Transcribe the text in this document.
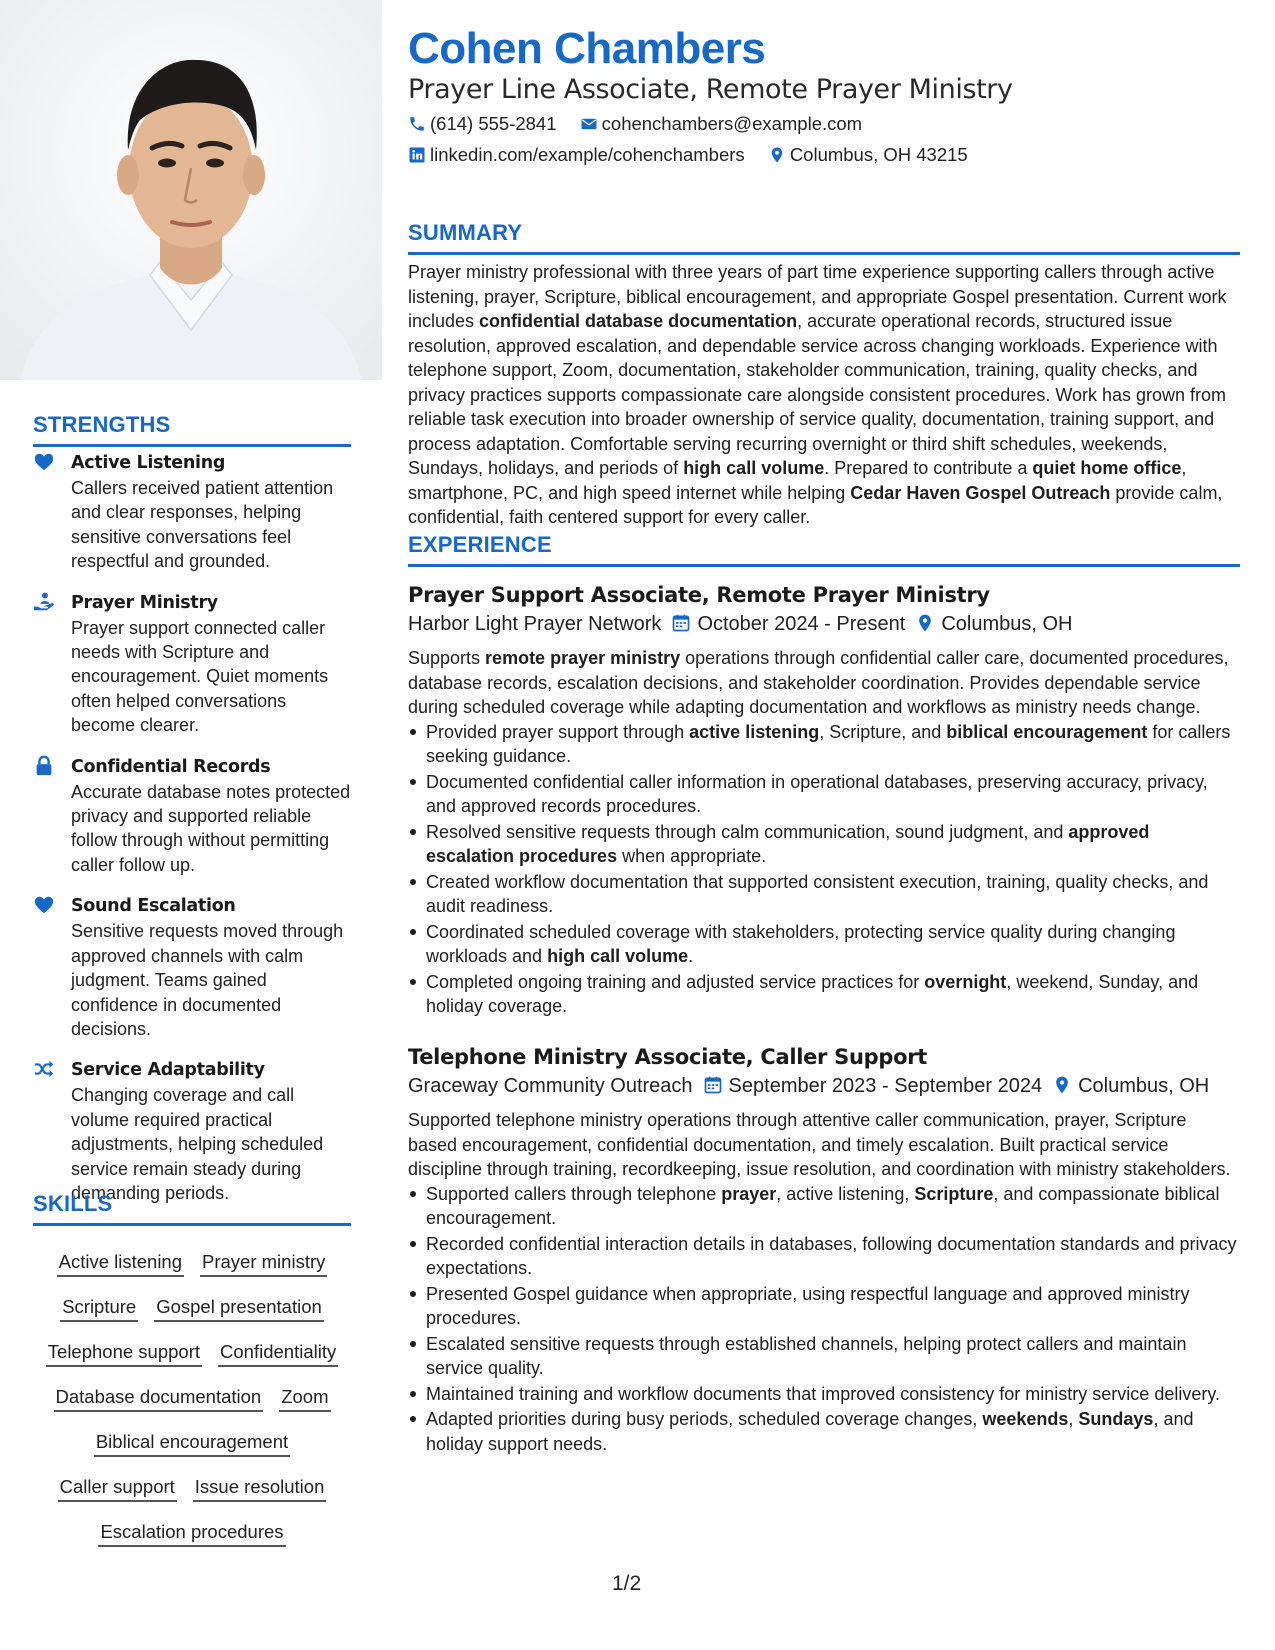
STRENGTHS
Active Listening
Callers received patient attention and clear responses, helping sensitive conversations feel respectful and grounded.
Prayer Ministry
Prayer support connected caller needs with Scripture and encouragement. Quiet moments often helped conversations become clearer.
Confidential Records
Accurate database notes protected privacy and supported reliable follow through without permitting caller follow up.
Sound Escalation
Sensitive requests moved through approved channels with calm judgment. Teams gained confidence in documented decisions.
Service Adaptability
Changing coverage and call volume required practical adjustments, helping scheduled service remain steady during demanding periods.
SKILLS
Active listening Prayer ministry
Scripture Gospel presentation
Telephone support Confidentiality
Database documentation Zoom
Biblical encouragement
Caller support Issue resolution
Escalation procedures
Cohen Chambers
Prayer Line Associate, Remote Prayer Ministry
(614) 555-2841 cohenchambers@example.com
linkedin.com/example/cohenchambers Columbus, OH 43215
SUMMARY

Prayer ministry professional with three years of part time experience supporting callers through active listening, prayer, Scripture, biblical encouragement, and appropriate Gospel presentation. Current work includes confidential database documentation, accurate operational records, structured issue resolution, approved escalation, and dependable service across changing workloads. Experience with telephone support, Zoom, documentation, stakeholder communication, training, quality checks, and privacy practices supports compassionate care alongside consistent procedures. Work has grown from reliable task execution into broader ownership of service quality, documentation, training support, and process adaptation. Comfortable serving recurring overnight or third shift schedules, weekends, Sundays, holidays, and periods of high call volume. Prepared to contribute a quiet home office, smartphone, PC, and high speed internet while helping Cedar Haven Gospel Outreach provide calm, confidential, faith centered support for every caller.

EXPERIENCE
Prayer Support Associate, Remote Prayer Ministry
Harbor Light Prayer Network October 2024 - Present Columbus, OH

Supports remote prayer ministry operations through confidential caller care, documented procedures, database records, escalation decisions, and stakeholder coordination. Provides dependable service during scheduled coverage while adapting documentation and workflows as ministry needs change.

Provided prayer support through active listening, Scripture, and biblical encouragement for callers seeking guidance.
Documented confidential caller information in operational databases, preserving accuracy, privacy, and approved records procedures.
Resolved sensitive requests through calm communication, sound judgment, and approved escalation procedures when appropriate.
Created workflow documentation that supported consistent execution, training, quality checks, and audit readiness.
Coordinated scheduled coverage with stakeholders, protecting service quality during changing workloads and high call volume.
Completed ongoing training and adjusted service practices for overnight, weekend, Sunday, and holiday coverage.
Telephone Ministry Associate, Caller Support
Graceway Community Outreach September 2023 - September 2024 Columbus, OH

Supported telephone ministry operations through attentive caller communication, prayer, Scripture based encouragement, confidential documentation, and timely escalation. Built practical service discipline through training, recordkeeping, issue resolution, and coordination with ministry stakeholders.

Supported callers through telephone prayer, active listening, Scripture, and compassionate biblical encouragement.
Recorded confidential interaction details in databases, following documentation standards and privacy expectations.
Presented Gospel guidance when appropriate, using respectful language and approved ministry procedures.
Escalated sensitive requests through established channels, helping protect callers and maintain service quality.
Maintained training and workflow documents that improved consistency for ministry service delivery.
Adapted priorities during busy periods, scheduled coverage changes, weekends, Sundays, and holiday support needs.
1/2
